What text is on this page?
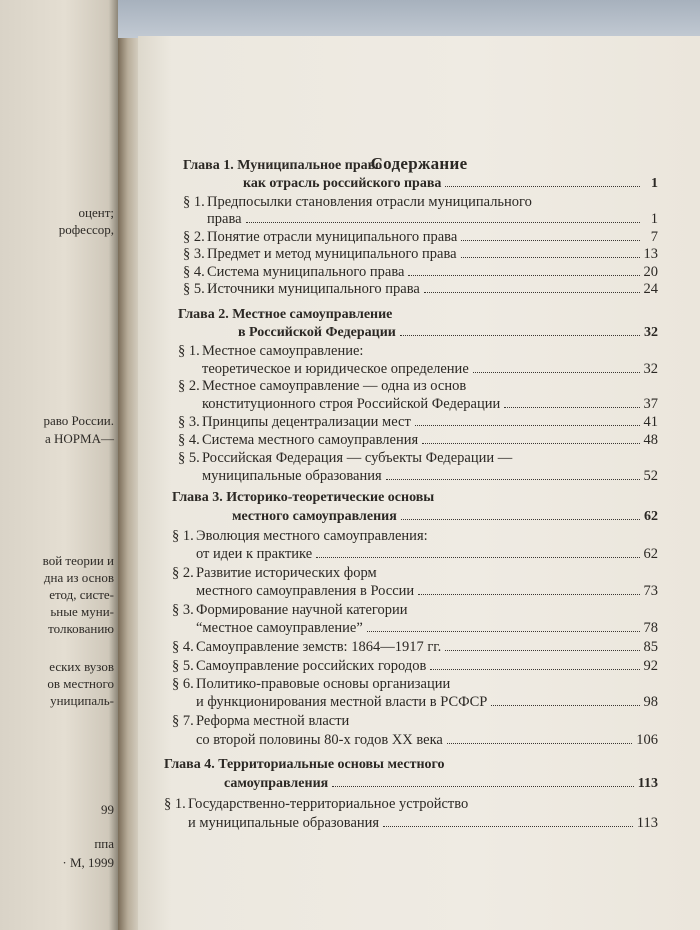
оцент;
рофессор,
раво России.
а НОРМА—
вой теории и
дна из основ
етод, систе-
ьные муни-
толкованию
еских вузов
ов местного
униципаль-
99
ппа
· М, 1999
Содержание
Глава 1. Муниципальное право
как отрасль российского права	1
§ 1. Предпосылки становления отрасли муниципального
права	1
§ 2. Понятие отрасли муниципального права	7
§ 3. Предмет и метод муниципального права	13
§ 4. Система муниципального права	20
§ 5. Источники муниципального права	24
Глава 2. Местное самоуправление
в Российской Федерации	32
§ 1. Местное самоуправление:
теоретическое и юридическое определение	32
§ 2. Местное самоуправление — одна из основ
конституционного строя Российской Федерации	37
§ 3. Принципы децентрализации мест	41
§ 4. Система местного самоуправления	48
§ 5. Российская Федерация — субъекты Федерации —
муниципальные образования	52
Глава 3. Историко-теоретические основы
местного самоуправления	62
§ 1. Эволюция местного самоуправления:
от идеи к практике	62
§ 2. Развитие исторических форм
местного самоуправления в России	73
§ 3. Формирование научной категории
“местное самоуправление”	78
§ 4. Самоуправление земств: 1864—1917 гг.	85
§ 5. Самоуправление российских городов	92
§ 6. Политико-правовые основы организации
и функционирования местной власти в РСФСР	98
§ 7. Реформа местной власти
со второй половины 80-х годов XX века	106
Глава 4. Территориальные основы местного
самоуправления	113
§ 1. Государственно-территориальное устройство
и муниципальные образования	113
